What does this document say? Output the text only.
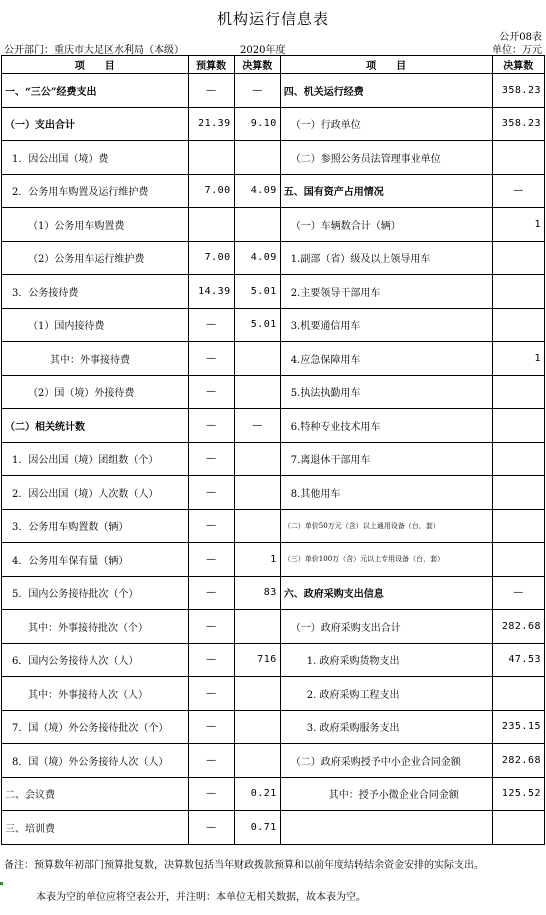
机构运行信息表
公开08表
公开部门：重庆市大足区水利局（本级）	2020年度	单位：万元
项　　目	预算数	决算数	项　　目	决算数
一、“三公”经费支出	—	—	四、机关运行经费	358.23
（一）支出合计	21.39	9.10	（一）行政单位	358.23
1．因公出国（境）费			（二）参照公务员法管理事业单位	
2．公务用车购置及运行维护费	7.00	4.09	五、国有资产占用情况	—
（1）公务用车购置费			（一）车辆数合计（辆）	1
（2）公务用车运行维护费	7.00	4.09	1.副部（省）级及以上领导用车	
3．公务接待费	14.39	5.01	2.主要领导干部用车	
（1）国内接待费	—	5.01	3.机要通信用车	
其中：外事接待费	—		4.应急保障用车	1
（2）国（境）外接待费	—		5.执法执勤用车	
（二）相关统计数	—	—	6.特种专业技术用车	
1．因公出国（境）团组数（个）	—		7.离退休干部用车	
2．因公出国（境）人次数（人）	—		8.其他用车	
3．公务用车购置数（辆）	—		（二）单价50万元（含）以上通用设备（台，套）	
4．公务用车保有量（辆）	—	1	（三）单价100万（含）元以上专用设备（台，套）	
5．国内公务接待批次（个）	—	83	六、政府采购支出信息	—
其中：外事接待批次（个）	—		（一）政府采购支出合计	282.68
6．国内公务接待人次（人）	—	716	1. 政府采购货物支出	47.53
其中：外事接待人次（人）	—		2. 政府采购工程支出	
7．国（境）外公务接待批次（个）	—		3. 政府采购服务支出	235.15
8．国（境）外公务接待人次（人）	—		（二）政府采购授予中小企业合同金额	282.68
二、会议费	—	0.21	其中：授予小微企业合同金额	125.52
三、培训费	—	0.71		
备注：预算数年初部门预算批复数，决算数包括当年财政拨款预算和以前年度结转结余资金安排的实际支出。
本表为空的单位应将空表公开，并注明：本单位无相关数据，故本表为空。
